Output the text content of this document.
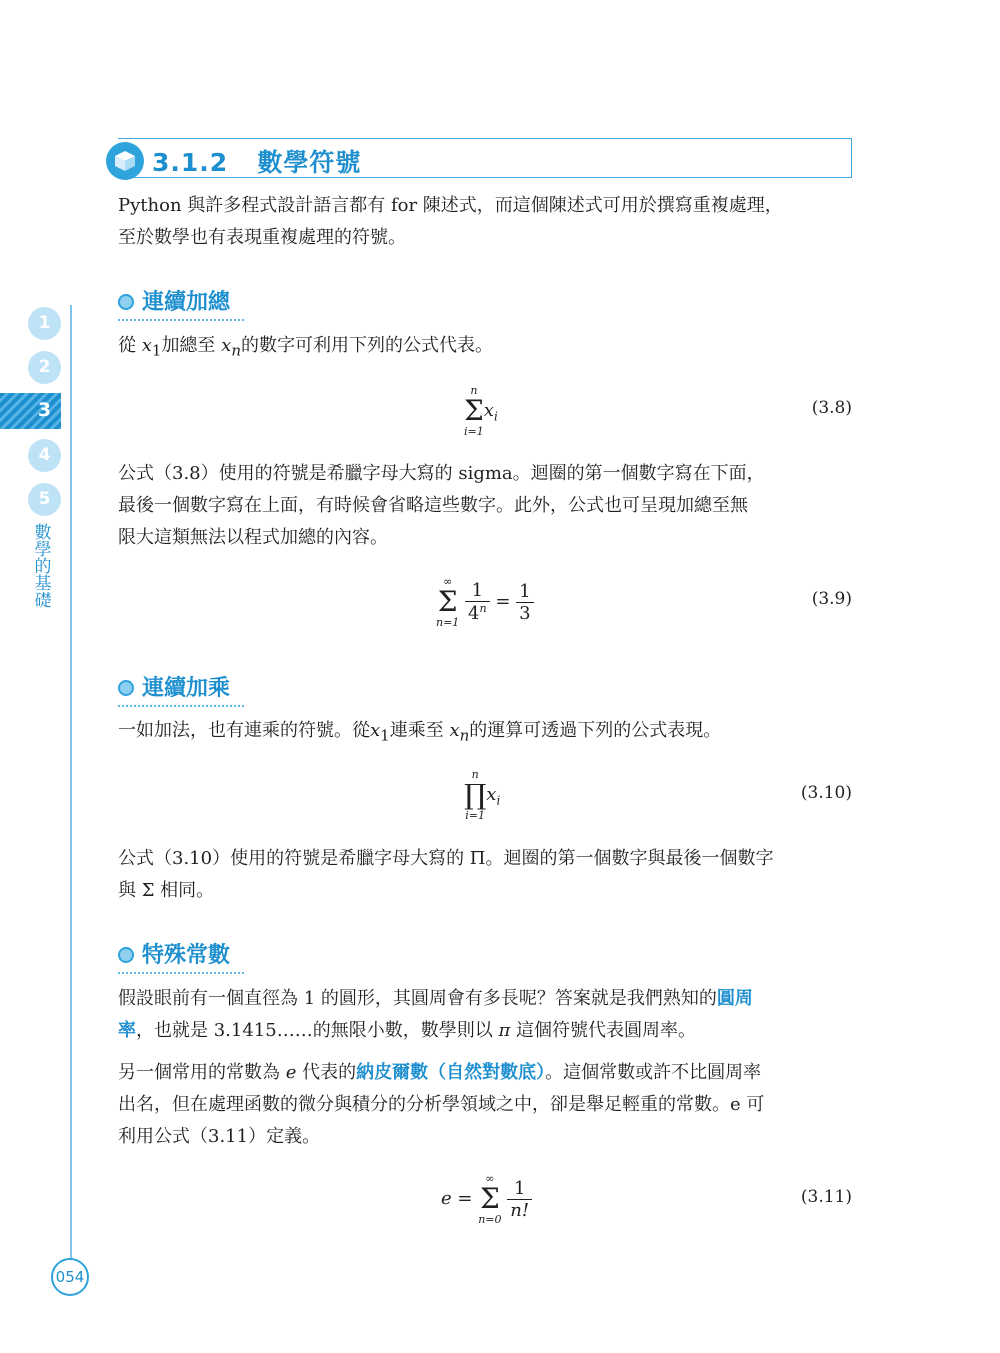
3.1.2 數學符號

Python 與許多程式設計語言都有 for 陳述式，而這個陳述式可用於撰寫重複處理，
至於數學也有表現重複處理的符號。

連續加總

從 $x_1$加總至 $x_n$的數字可利用下列的公式代表。

n
Σ
i=1
$x_i$	(3.8)

公式（3.8）使用的符號是希臘字母大寫的 sigma。迴圈的第一個數字寫在下面，
最後一個數字寫在上面，有時候會省略這些數字。此外，公式也可呈現加總至無
限大這類無法以程式加總的內容。

∞
Σ
n=1
$\frac{1}{4^n} = \frac{1}{3}$	(3.9)
連續加乘

一如加法，也有連乘的符號。從$x_1$連乘至 $x_n$的運算可透過下列的公式表現。

n
∏
i=1
$x_i$	(3.10)

公式（3.10）使用的符號是希臘字母大寫的 Π。迴圈的第一個數字與最後一個數字
與 Σ 相同。

特殊常數

假設眼前有一個直徑為 1 的圓形，其圓周會有多長呢？答案就是我們熟知的圓周
率，也就是 3.1415……的無限小數，數學則以 π 這個符號代表圓周率。

另一個常用的常數為 e 代表的納皮爾數（自然對數底）。這個常數或許不比圓周率
出名，但在處理函數的微分與積分的分析學領域之中，卻是舉足輕重的常數。e 可
利用公式（3.11）定義。

e =
∞
Σ
n=0
$\frac{1}{n!}$	(3.11)
1
2
3
4
5
數學的基礎
054
